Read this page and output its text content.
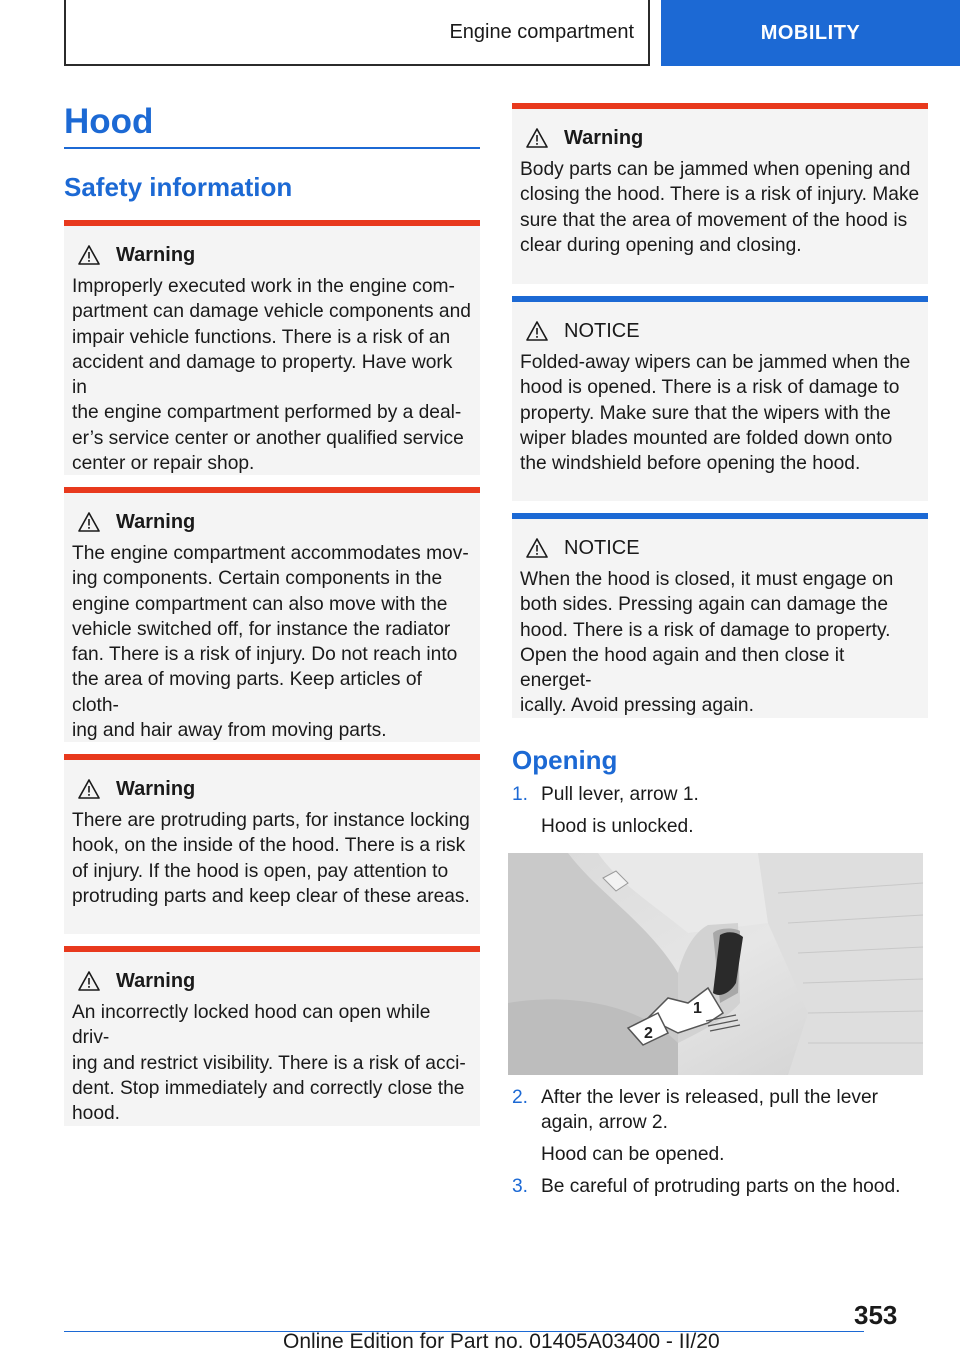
Engine compartment	MOBILITY
Hood
Safety information
Warning
Improperly executed work in the engine com-
partment can damage vehicle components and
impair vehicle functions. There is a risk of an
accident and damage to property. Have work in
the engine compartment performed by a deal-
er’s service center or another qualified service
center or repair shop.
Warning
The engine compartment accommodates mov-
ing components. Certain components in the
engine compartment can also move with the
vehicle switched off, for instance the radiator
fan. There is a risk of injury. Do not reach into
the area of moving parts. Keep articles of cloth-
ing and hair away from moving parts.
Warning
There are protruding parts, for instance locking
hook, on the inside of the hood. There is a risk
of injury. If the hood is open, pay attention to
protruding parts and keep clear of these areas.
Warning
An incorrectly locked hood can open while driv-
ing and restrict visibility. There is a risk of acci-
dent. Stop immediately and correctly close the
hood.
Warning
Body parts can be jammed when opening and
closing the hood. There is a risk of injury. Make
sure that the area of movement of the hood is
clear during opening and closing.
NOTICE
Folded-away wipers can be jammed when the
hood is opened. There is a risk of damage to
property. Make sure that the wipers with the
wiper blades mounted are folded down onto
the windshield before opening the hood.
NOTICE
When the hood is closed, it must engage on
both sides. Pressing again can damage the
hood. There is a risk of damage to property.
Open the hood again and then close it energet-
ically. Avoid pressing again.
Opening
1. Pull lever, arrow 1.
Hood is unlocked.
1
2
2. After the lever is released, pull the lever again, arrow 2.
Hood can be opened.
3. Be careful of protruding parts on the hood.
353
Online Edition for Part no. 01405A03400 - II/20
